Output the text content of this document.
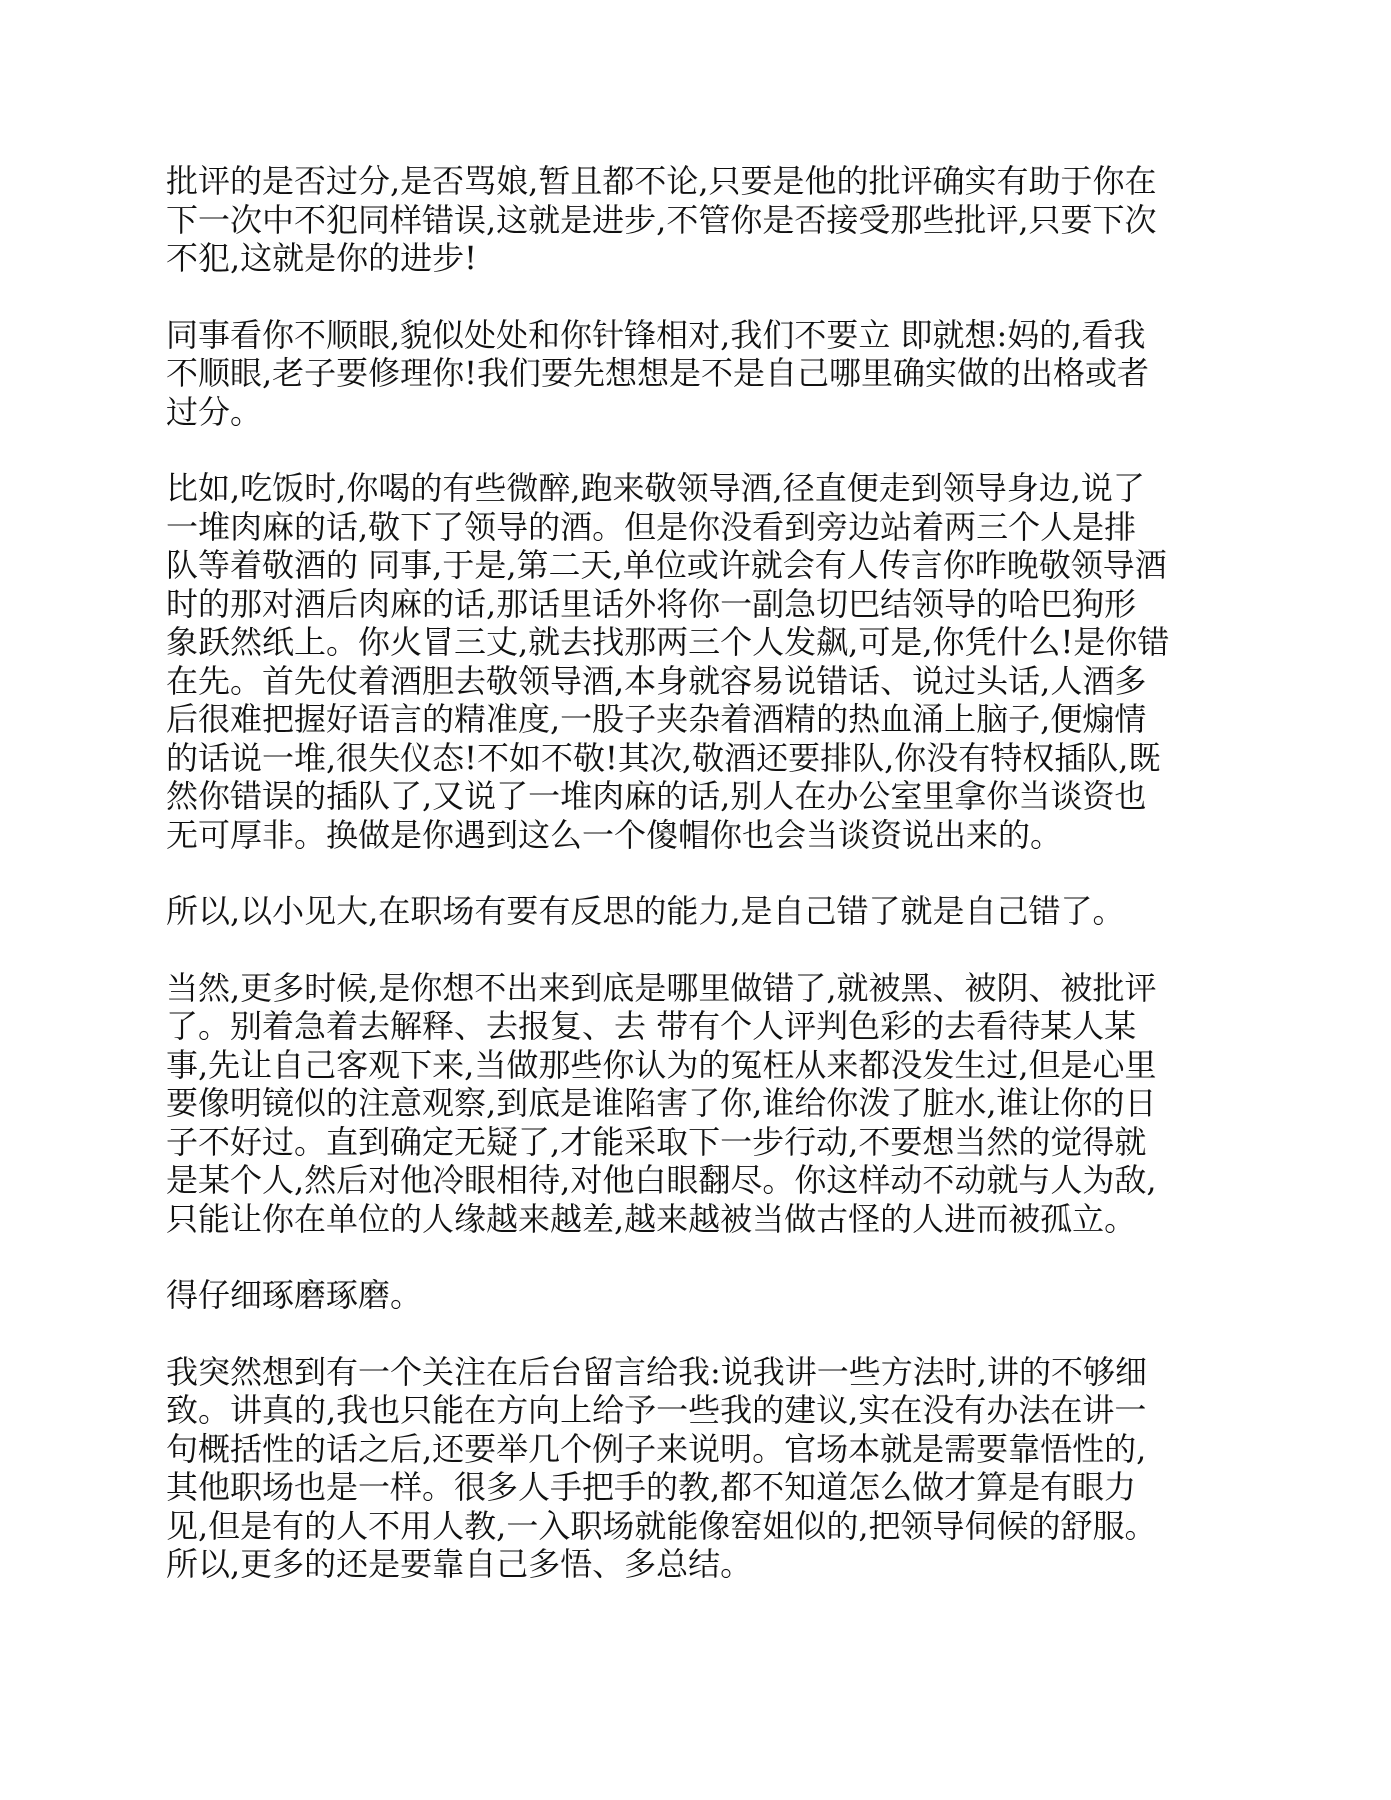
批评的是否过分,是否骂娘,暂且都不论,只要是他的批评确实有助于你在
下一次中不犯同样错误,这就是进步,不管你是否接受那些批评,只要下次
不犯,这就是你的进步!
同事看你不顺眼,貌似处处和你针锋相对,我们不要立 即就想:妈的,看我
不顺眼,老子要修理你!我们要先想想是不是自己哪里确实做的出格或者
过分。
比如,吃饭时,你喝的有些微醉,跑来敬领导酒,径直便走到领导身边,说了
一堆肉麻的话,敬下了领导的酒。但是你没看到旁边站着两三个人是排
队等着敬酒的 同事,于是,第二天,单位或许就会有人传言你昨晚敬领导酒
时的那对酒后肉麻的话,那话里话外将你一副急切巴结领导的哈巴狗形
象跃然纸上。你火冒三丈,就去找那两三个人发飙,可是,你凭什么!是你错
在先。首先仗着酒胆去敬领导酒,本身就容易说错话、说过头话,人酒多
后很难把握好语言的精准度,一股子夹杂着酒精的热血涌上脑子,便煽情
的话说一堆,很失仪态!不如不敬!其次,敬酒还要排队,你没有特权插队,既
然你错误的插队了,又说了一堆肉麻的话,别人在办公室里拿你当谈资也
无可厚非。换做是你遇到这么一个傻帽你也会当谈资说出来的。
所以,以小见大,在职场有要有反思的能力,是自己错了就是自己错了。
当然,更多时候,是你想不出来到底是哪里做错了,就被黑、被阴、被批评
了。别着急着去解释、去报复、去 带有个人评判色彩的去看待某人某
事,先让自己客观下来,当做那些你认为的冤枉从来都没发生过,但是心里
要像明镜似的注意观察,到底是谁陷害了你,谁给你泼了脏水,谁让你的日
子不好过。直到确定无疑了,才能采取下一步行动,不要想当然的觉得就
是某个人,然后对他冷眼相待,对他白眼翻尽。你这样动不动就与人为敌,
只能让你在单位的人缘越来越差,越来越被当做古怪的人进而被孤立。
得仔细琢磨琢磨。
我突然想到有一个关注在后台留言给我:说我讲一些方法时,讲的不够细
致。讲真的,我也只能在方向上给予一些我的建议,实在没有办法在讲一
句概括性的话之后,还要举几个例子来说明。官场本就是需要靠悟性的,
其他职场也是一样。很多人手把手的教,都不知道怎么做才算是有眼力
见,但是有的人不用人教,一入职场就能像窑姐似的,把领导伺候的舒服。
所以,更多的还是要靠自己多悟、多总结。
